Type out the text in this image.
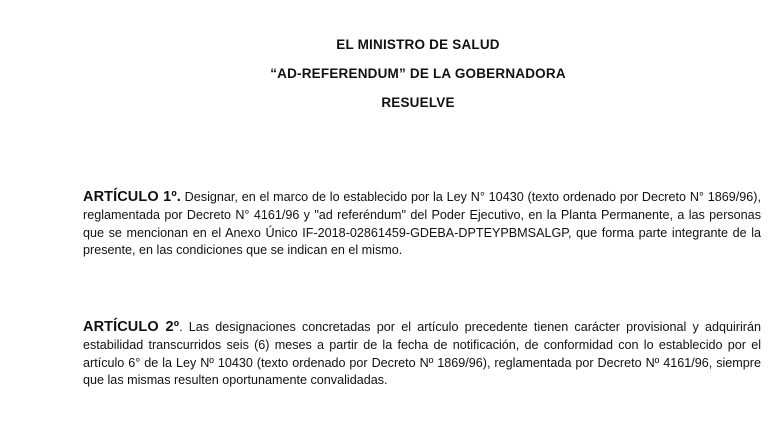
EL MINISTRO DE SALUD
“AD-REFERENDUM” DE LA GOBERNADORA
RESUELVE

ARTÍCULO 1º. Designar, en el marco de lo establecido por la Ley N° 10430 (texto ordenado por Decreto N° 1869/96), reglamentada por Decreto N° 4161/96 y "ad referéndum" del Poder Ejecutivo, en la Planta Permanente, a las personas que se mencionan en el Anexo Único IF-2018-02861459-GDEBA-DPTEYPBMSALGP, que forma parte integrante de la presente, en las condiciones que se indican en el mismo.

ARTÍCULO 2º. Las designaciones concretadas por el artículo precedente tienen carácter provisional y adquirirán estabilidad transcurridos seis (6) meses a partir de la fecha de notificación, de conformidad con lo establecido por el artículo 6° de la Ley Nº 10430 (texto ordenado por Decreto Nº 1869/96), reglamentada por Decreto Nº 4161/96, siempre que las mismas resulten oportunamente convalidadas.
